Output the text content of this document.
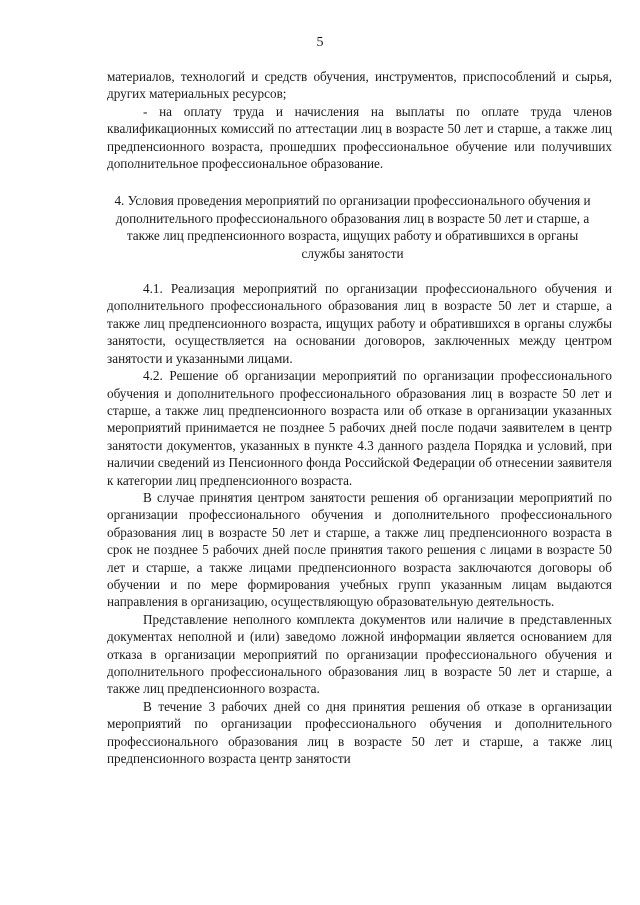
5

материалов, технологий и средств обучения, инструментов, приспособлений и сырья, других материальных ресурсов;

- на оплату труда и начисления на выплаты по оплате труда членов квалификационных комиссий по аттестации лиц в возрасте 50 лет и старше, а также лиц предпенсионного возраста, прошедших профессиональное обучение или получивших дополнительное профессиональное образование.

4. Условия проведения мероприятий по организации профессионального обучения и дополнительного профессионального образования лиц в возрасте 50 лет и старше, а также лиц предпенсионного возраста, ищущих работу и обратившихся в органы службы занятости

4.1. Реализация мероприятий по организации профессионального обучения и дополнительного профессионального образования лиц в возрасте 50 лет и старше, а также лиц предпенсионного возраста, ищущих работу и обратившихся в органы службы занятости, осуществляется на основании договоров, заключенных между центром занятости и указанными лицами.

4.2. Решение об организации мероприятий по организации профессионального обучения и дополнительного профессионального образования лиц в возрасте 50 лет и старше, а также лиц предпенсионного возраста или об отказе в организации указанных мероприятий принимается не позднее 5 рабочих дней после подачи заявителем в центр занятости документов, указанных в пункте 4.3 данного раздела Порядка и условий, при наличии сведений из Пенсионного фонда Российской Федерации об отнесении заявителя к категории лиц предпенсионного возраста.

В случае принятия центром занятости решения об организации мероприятий по организации профессионального обучения и дополнительного профессионального образования лиц в возрасте 50 лет и старше, а также лиц предпенсионного возраста в срок не позднее 5 рабочих дней после принятия такого решения с лицами в возрасте 50 лет и старше, а также лицами предпенсионного возраста заключаются договоры об обучении и по мере формирования учебных групп указанным лицам выдаются направления в организацию, осуществляющую образовательную деятельность.

Представление неполного комплекта документов или наличие в представленных документах неполной и (или) заведомо ложной информации является основанием для отказа в организации мероприятий по организации профессионального обучения и дополнительного профессионального образования лиц в возрасте 50 лет и старше, а также лиц предпенсионного возраста.

В течение 3 рабочих дней со дня принятия решения об отказе в организации мероприятий по организации профессионального обучения и дополнительного профессионального образования лиц в возрасте 50 лет и старше, а также лиц предпенсионного возраста центр занятости
